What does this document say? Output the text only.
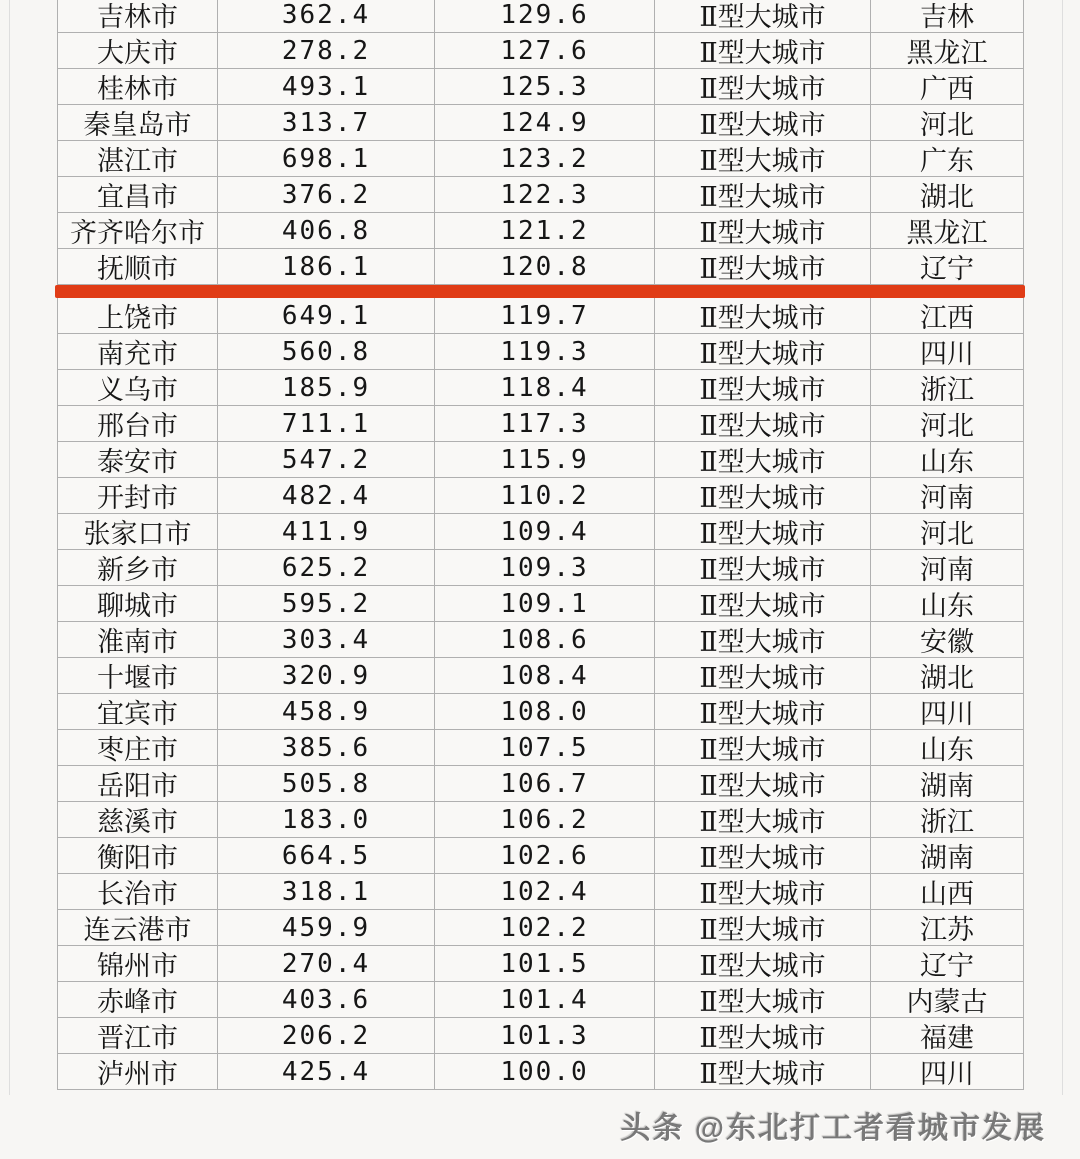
吉林市	362.4	129.6	Ⅱ型大城市	吉林
大庆市	278.2	127.6	Ⅱ型大城市	黑龙江
桂林市	493.1	125.3	Ⅱ型大城市	广西
秦皇岛市	313.7	124.9	Ⅱ型大城市	河北
湛江市	698.1	123.2	Ⅱ型大城市	广东
宜昌市	376.2	122.3	Ⅱ型大城市	湖北
齐齐哈尔市	406.8	121.2	Ⅱ型大城市	黑龙江
抚顺市	186.1	120.8	Ⅱ型大城市	辽宁
上饶市	649.1	119.7	Ⅱ型大城市	江西
南充市	560.8	119.3	Ⅱ型大城市	四川
义乌市	185.9	118.4	Ⅱ型大城市	浙江
邢台市	711.1	117.3	Ⅱ型大城市	河北
泰安市	547.2	115.9	Ⅱ型大城市	山东
开封市	482.4	110.2	Ⅱ型大城市	河南
张家口市	411.9	109.4	Ⅱ型大城市	河北
新乡市	625.2	109.3	Ⅱ型大城市	河南
聊城市	595.2	109.1	Ⅱ型大城市	山东
淮南市	303.4	108.6	Ⅱ型大城市	安徽
十堰市	320.9	108.4	Ⅱ型大城市	湖北
宜宾市	458.9	108.0	Ⅱ型大城市	四川
枣庄市	385.6	107.5	Ⅱ型大城市	山东
岳阳市	505.8	106.7	Ⅱ型大城市	湖南
慈溪市	183.0	106.2	Ⅱ型大城市	浙江
衡阳市	664.5	102.6	Ⅱ型大城市	湖南
长治市	318.1	102.4	Ⅱ型大城市	山西
连云港市	459.9	102.2	Ⅱ型大城市	江苏
锦州市	270.4	101.5	Ⅱ型大城市	辽宁
赤峰市	403.6	101.4	Ⅱ型大城市	内蒙古
晋江市	206.2	101.3	Ⅱ型大城市	福建
泸州市	425.4	100.0	Ⅱ型大城市	四川
头条 @东北打工者看城市发展
